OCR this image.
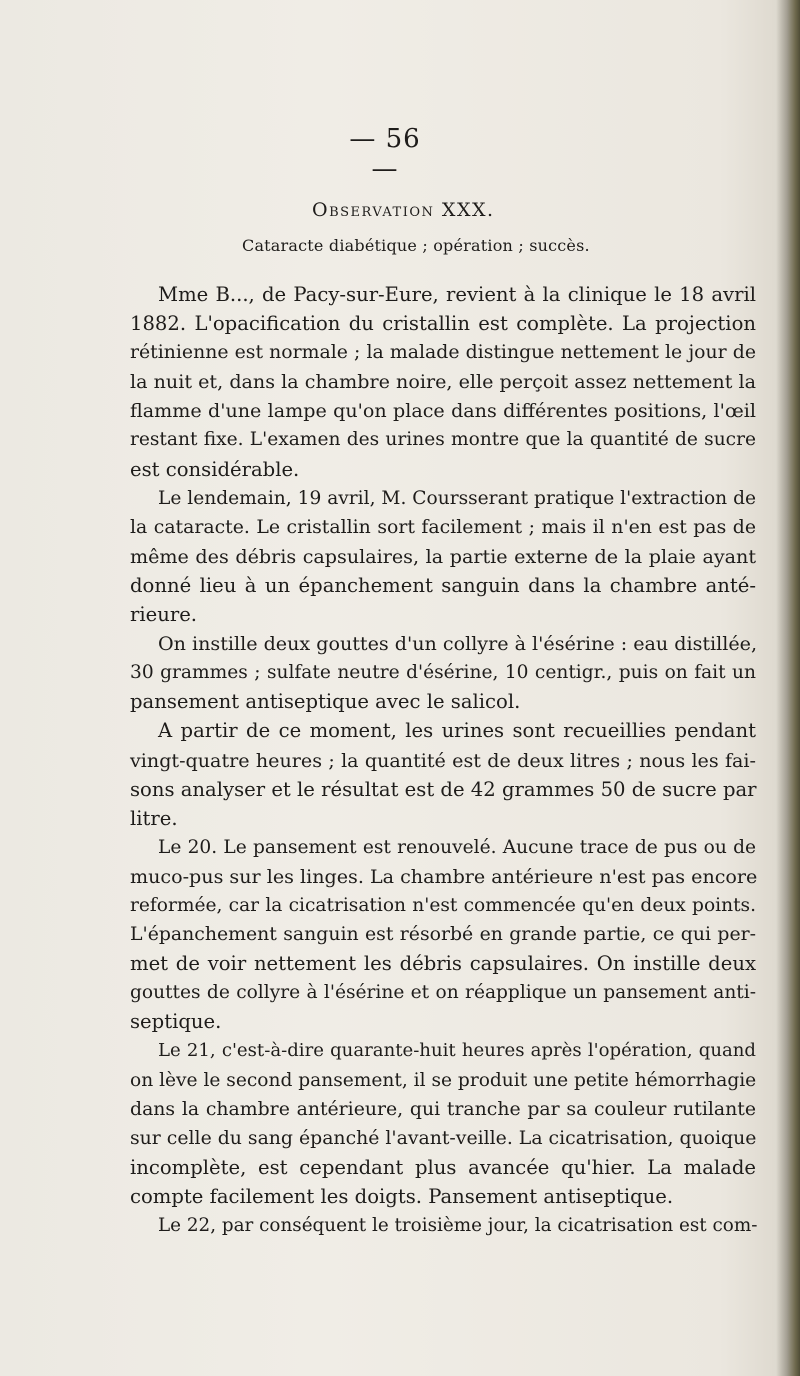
— 56 —
Observation XXX.
Cataracte diabétique ; opération ; succès.
Mme B..., de Pacy-sur-Eure, revient à la clinique le 18 avril
1882. L'opacification du cristallin est complète. La projection
rétinienne est normale ; la malade distingue nettement le jour de
la nuit et, dans la chambre noire, elle perçoit assez nettement la
flamme d'une lampe qu'on place dans différentes positions, l'œil
restant fixe. L'examen des urines montre que la quantité de sucre
est considérable.
Le lendemain, 19 avril, M. Coursserant pratique l'extraction de
la cataracte. Le cristallin sort facilement ; mais il n'en est pas de
même des débris capsulaires, la partie externe de la plaie ayant
donné lieu à un épanchement sanguin dans la chambre anté-
rieure.
On instille deux gouttes d'un collyre à l'ésérine : eau distillée,
30 grammes ; sulfate neutre d'ésérine, 10 centigr., puis on fait un
pansement antiseptique avec le salicol.
A partir de ce moment, les urines sont recueillies pendant
vingt-quatre heures ; la quantité est de deux litres ; nous les fai-
sons analyser et le résultat est de 42 grammes 50 de sucre par
litre.
Le 20. Le pansement est renouvelé. Aucune trace de pus ou de
muco-pus sur les linges. La chambre antérieure n'est pas encore
reformée, car la cicatrisation n'est commencée qu'en deux points.
L'épanchement sanguin est résorbé en grande partie, ce qui per-
met de voir nettement les débris capsulaires. On instille deux
gouttes de collyre à l'ésérine et on réapplique un pansement anti-
septique.
Le 21, c'est-à-dire quarante-huit heures après l'opération, quand
on lève le second pansement, il se produit une petite hémorrhagie
dans la chambre antérieure, qui tranche par sa couleur rutilante
sur celle du sang épanché l'avant-veille. La cicatrisation, quoique
incomplète, est cependant plus avancée qu'hier. La malade
compte facilement les doigts. Pansement antiseptique.
Le 22, par conséquent le troisième jour, la cicatrisation est com-
